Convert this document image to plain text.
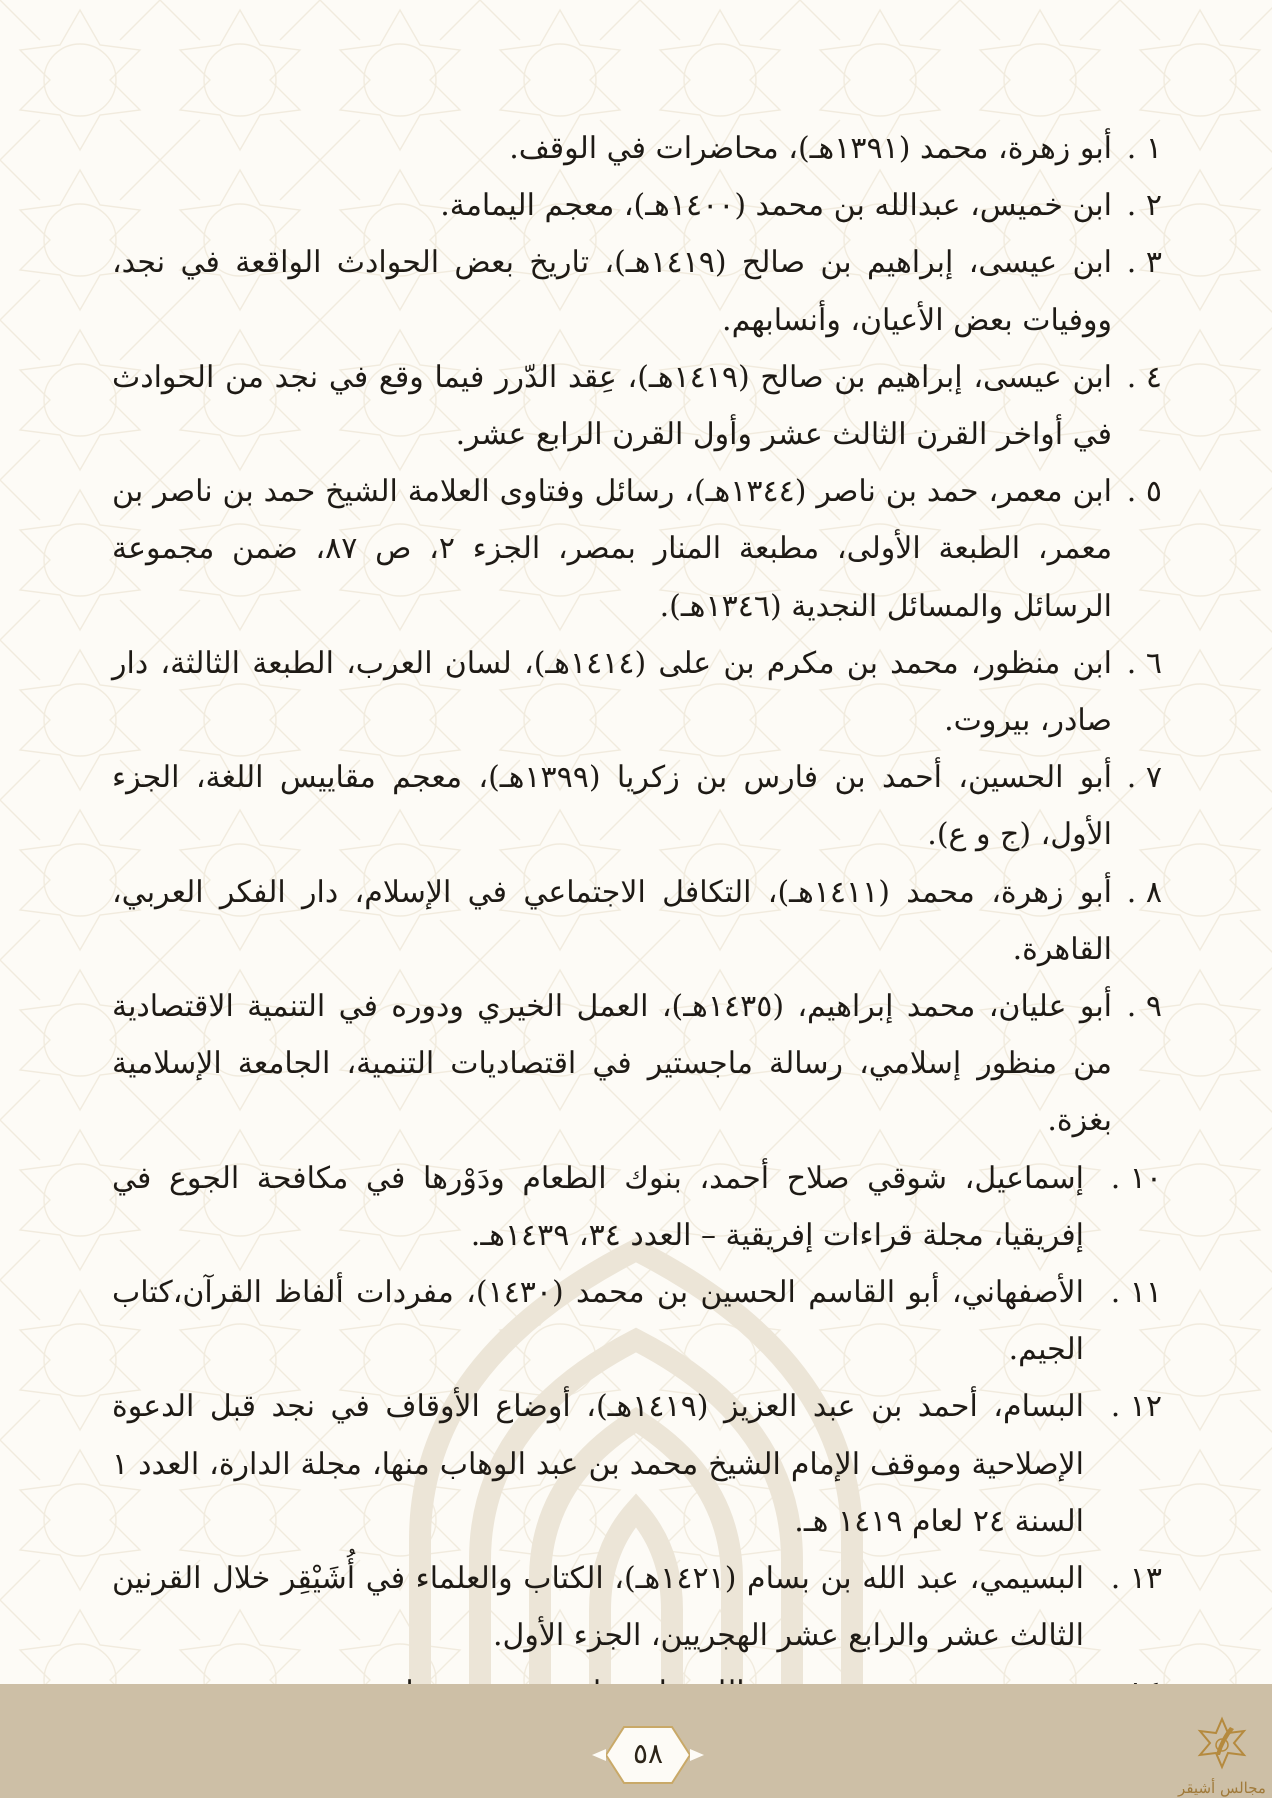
١ .
أبو زهرة، محمد (١٣٩١هـ)، محاضرات في الوقف.
٢ .
ابن خميس، عبدالله بن محمد (١٤٠٠هـ)، معجم اليمامة.
٣ .
ابن عيسى، إبراهيم بن صالح (١٤١٩هـ)، تاريخ بعض الحوادث الواقعة في نجد، ووفيات بعض الأعيان، وأنسابهم.
٤ .
ابن عيسى، إبراهيم بن صالح (١٤١٩هـ)، عِقد الدّرر فيما وقع في نجد من الحوادث في أواخر القرن الثالث عشر وأول القرن الرابع عشر.
٥ .
ابن معمر، حمد بن ناصر (١٣٤٤هـ)، رسائل وفتاوى العلامة الشيخ حمد بن ناصر بن معمر، الطبعة الأولى، مطبعة المنار بمصر، الجزء ٢، ص ٨٧، ضمن مجموعة الرسائل والمسائل النجدية (١٣٤٦هـ).
٦ .
ابن منظور، محمد بن مكرم بن على (١٤١٤هـ)، لسان العرب، الطبعة الثالثة، دار صادر، بيروت.
٧ .
أبو الحسين، أحمد بن فارس بن زكريا (١٣٩٩هـ)، معجم مقاييس اللغة، الجزء الأول، (ج و ع).
٨ .
أبو زهرة، محمد (١٤١١هـ)، التكافل الاجتماعي في الإسلام، دار الفكر العربي، القاهرة.
٩ .
أبو عليان، محمد إبراهيم، (١٤٣٥هـ)، العمل الخيري ودوره في التنمية الاقتصادية من منظور إسلامي، رسالة ماجستير في اقتصاديات التنمية، الجامعة الإسلامية بغزة.
١٠ .
إسماعيل، شوقي صلاح أحمد، بنوك الطعام ودَوْرها في مكافحة الجوع في إفريقيا، مجلة قراءات إفريقية – العدد ٣٤، ١٤٣٩هـ.
١١ .
الأصفهاني، أبو القاسم الحسين بن محمد (١٤٣٠)، مفردات ألفاظ القرآن،كتاب الجيم.
١٢ .
البسام، أحمد بن عبد العزيز (١٤١٩هـ)، أوضاع الأوقاف في نجد قبل الدعوة الإصلاحية وموقف الإمام الشيخ محمد بن عبد الوهاب منها، مجلة الدارة، العدد ١ السنة ٢٤ لعام ١٤١٩ هـ.
١٣ .
البسيمي، عبد الله بن بسام (١٤٢١هـ)، الكتاب والعلماء في أُشَيْقِر خلال القرنين الثالث عشر والرابع عشر الهجريين، الجزء الأول.
٥٨
مجالس أشيقر
